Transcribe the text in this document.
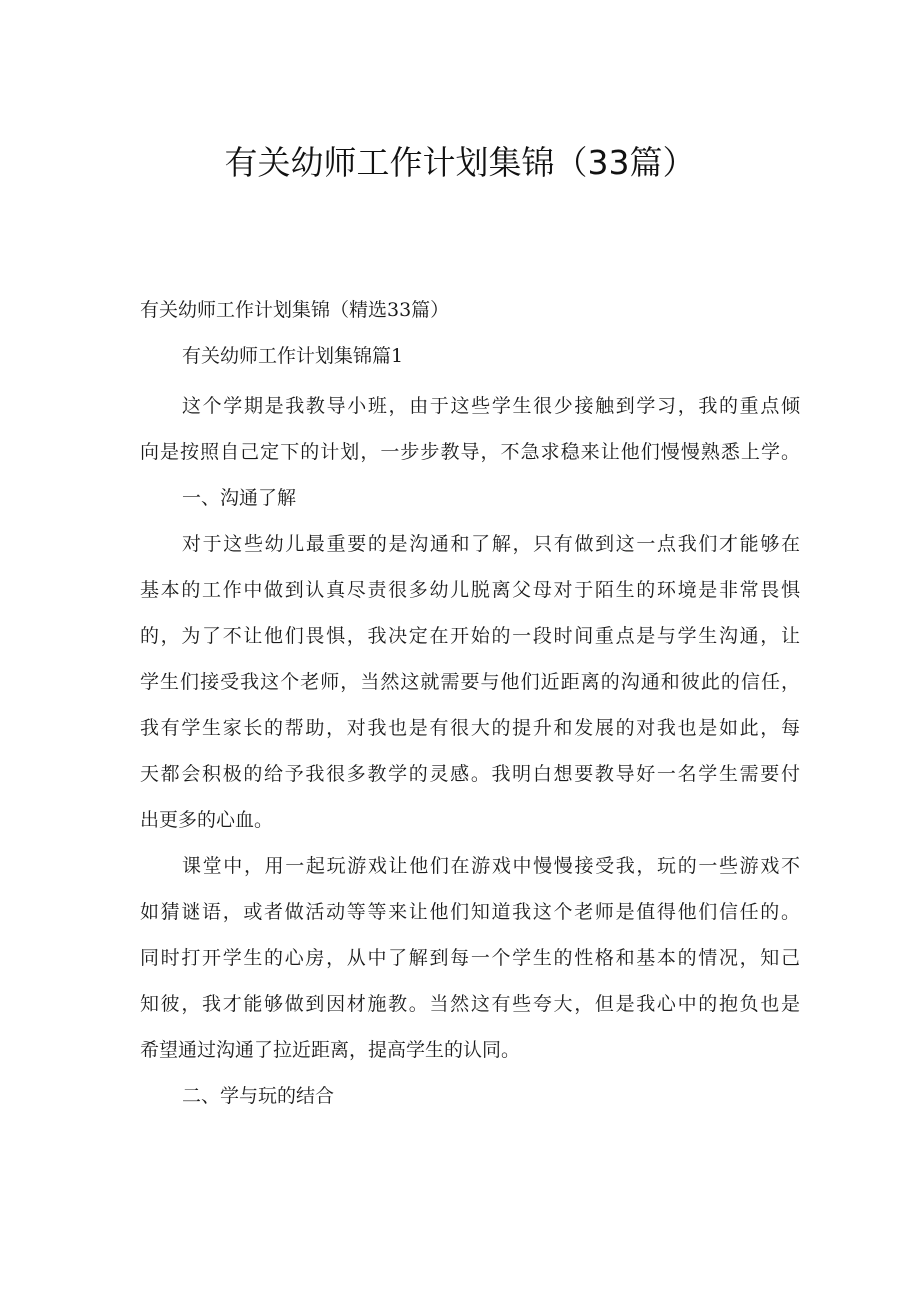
有关幼师工作计划集锦（33篇）
有关幼师工作计划集锦（精选33篇）
有关幼师工作计划集锦篇1
这个学期是我教导小班，由于这些学生很少接触到学习，我的重点倾
向是按照自己定下的计划，一步步教导，不急求稳来让他们慢慢熟悉上学。
一、沟通了解
对于这些幼儿最重要的是沟通和了解，只有做到这一点我们才能够在
基本的工作中做到认真尽责很多幼儿脱离父母对于陌生的环境是非常畏惧
的，为了不让他们畏惧，我决定在开始的一段时间重点是与学生沟通，让
学生们接受我这个老师，当然这就需要与他们近距离的沟通和彼此的信任，
我有学生家长的帮助，对我也是有很大的提升和发展的对我也是如此，每
天都会积极的给予我很多教学的灵感。我明白想要教导好一名学生需要付
出更多的心血。
课堂中，用一起玩游戏让他们在游戏中慢慢接受我，玩的一些游戏不
如猜谜语，或者做活动等等来让他们知道我这个老师是值得他们信任的。
同时打开学生的心房，从中了解到每一个学生的性格和基本的情况，知己
知彼，我才能够做到因材施教。当然这有些夸大，但是我心中的抱负也是
希望通过沟通了拉近距离，提高学生的认同。
二、学与玩的结合
